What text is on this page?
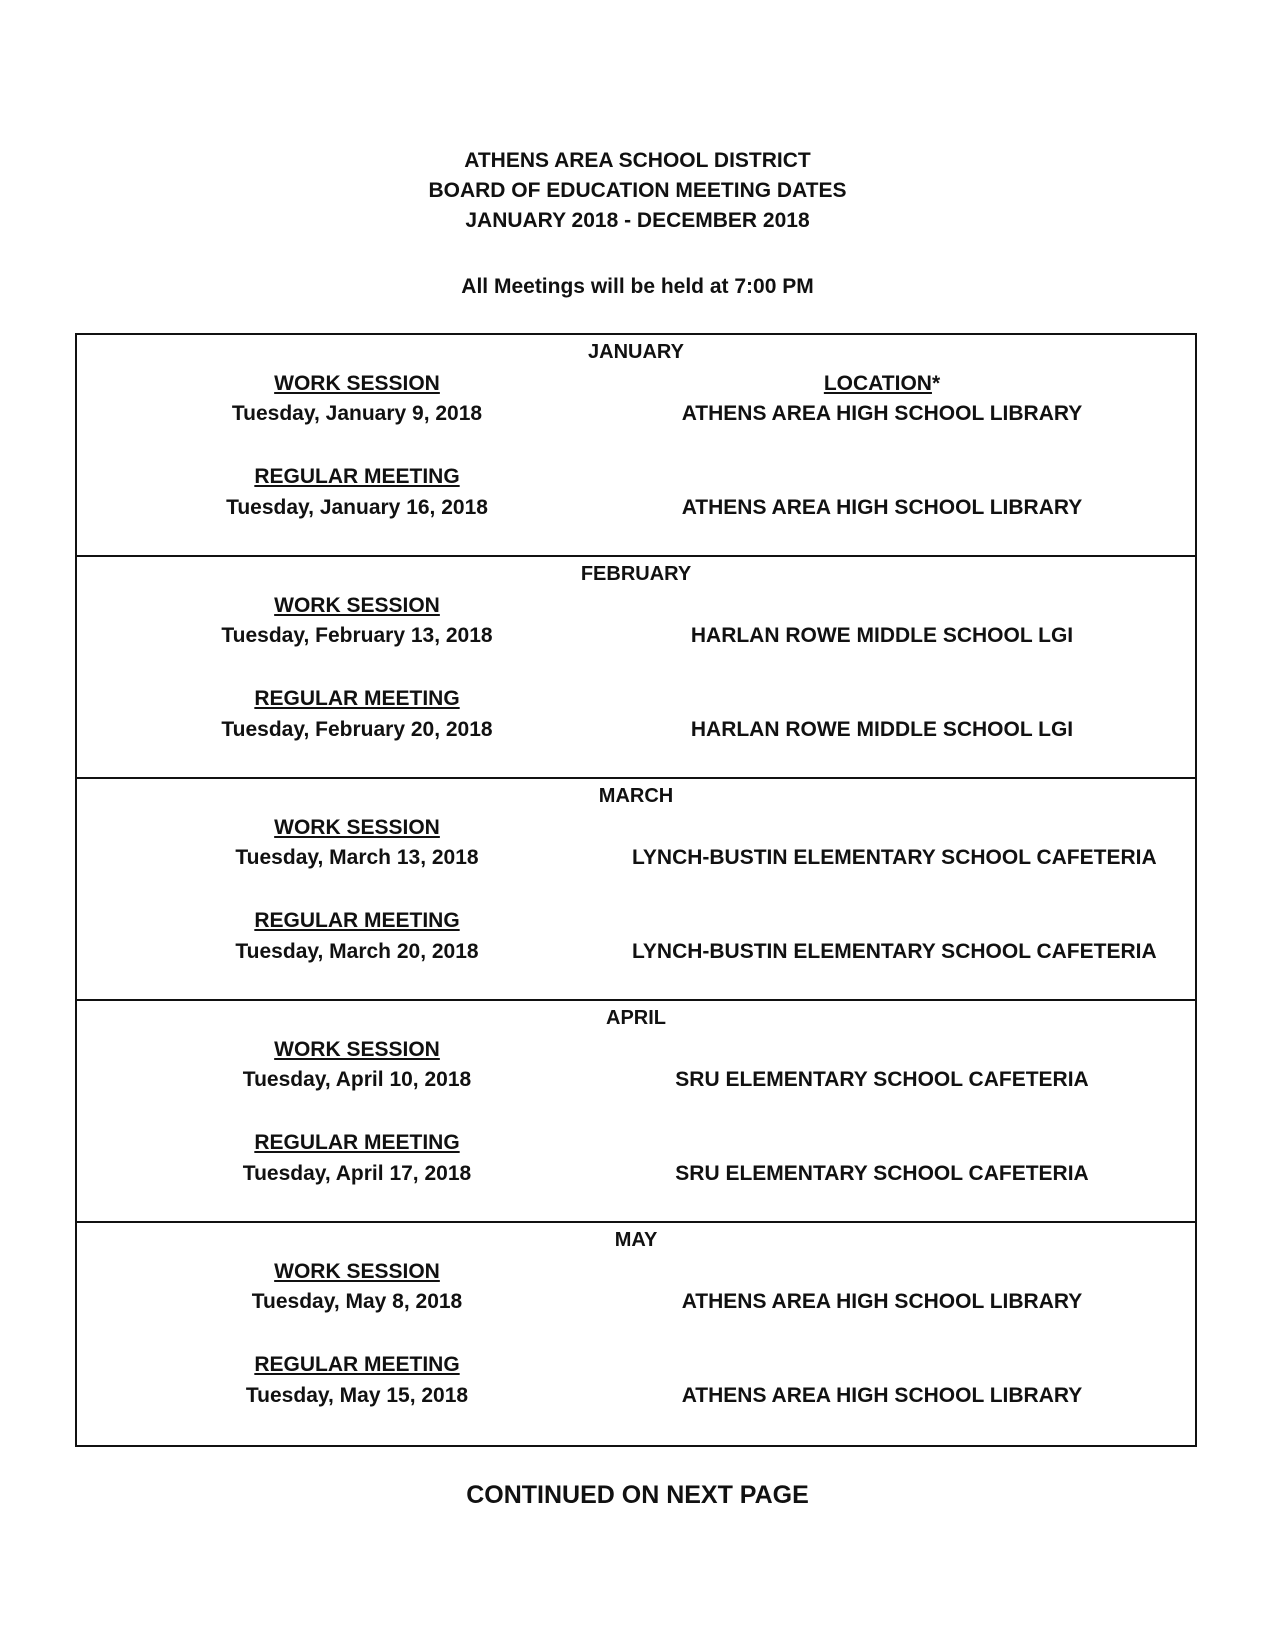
ATHENS AREA SCHOOL DISTRICT
BOARD OF EDUCATION MEETING DATES
JANUARY 2018 - DECEMBER 2018
All Meetings will be held at 7:00 PM
JANUARY
WORK SESSION	LOCATION*
Tuesday, January 9, 2018	ATHENS AREA HIGH SCHOOL LIBRARY
REGULAR MEETING
Tuesday, January 16, 2018	ATHENS AREA HIGH SCHOOL LIBRARY
FEBRUARY
WORK SESSION
Tuesday, February 13, 2018	HARLAN ROWE MIDDLE SCHOOL LGI
REGULAR MEETING
Tuesday, February 20, 2018	HARLAN ROWE MIDDLE SCHOOL LGI
MARCH
WORK SESSION
Tuesday, March 13, 2018	LYNCH-BUSTIN ELEMENTARY SCHOOL CAFETERIA
REGULAR MEETING
Tuesday, March 20, 2018	LYNCH-BUSTIN ELEMENTARY SCHOOL CAFETERIA
APRIL
WORK SESSION
Tuesday, April 10, 2018	SRU ELEMENTARY SCHOOL CAFETERIA
REGULAR MEETING
Tuesday, April 17, 2018	SRU ELEMENTARY SCHOOL CAFETERIA
MAY
WORK SESSION
Tuesday, May 8, 2018	ATHENS AREA HIGH SCHOOL LIBRARY
REGULAR MEETING
Tuesday, May 15, 2018	ATHENS AREA HIGH SCHOOL LIBRARY
CONTINUED ON NEXT PAGE
